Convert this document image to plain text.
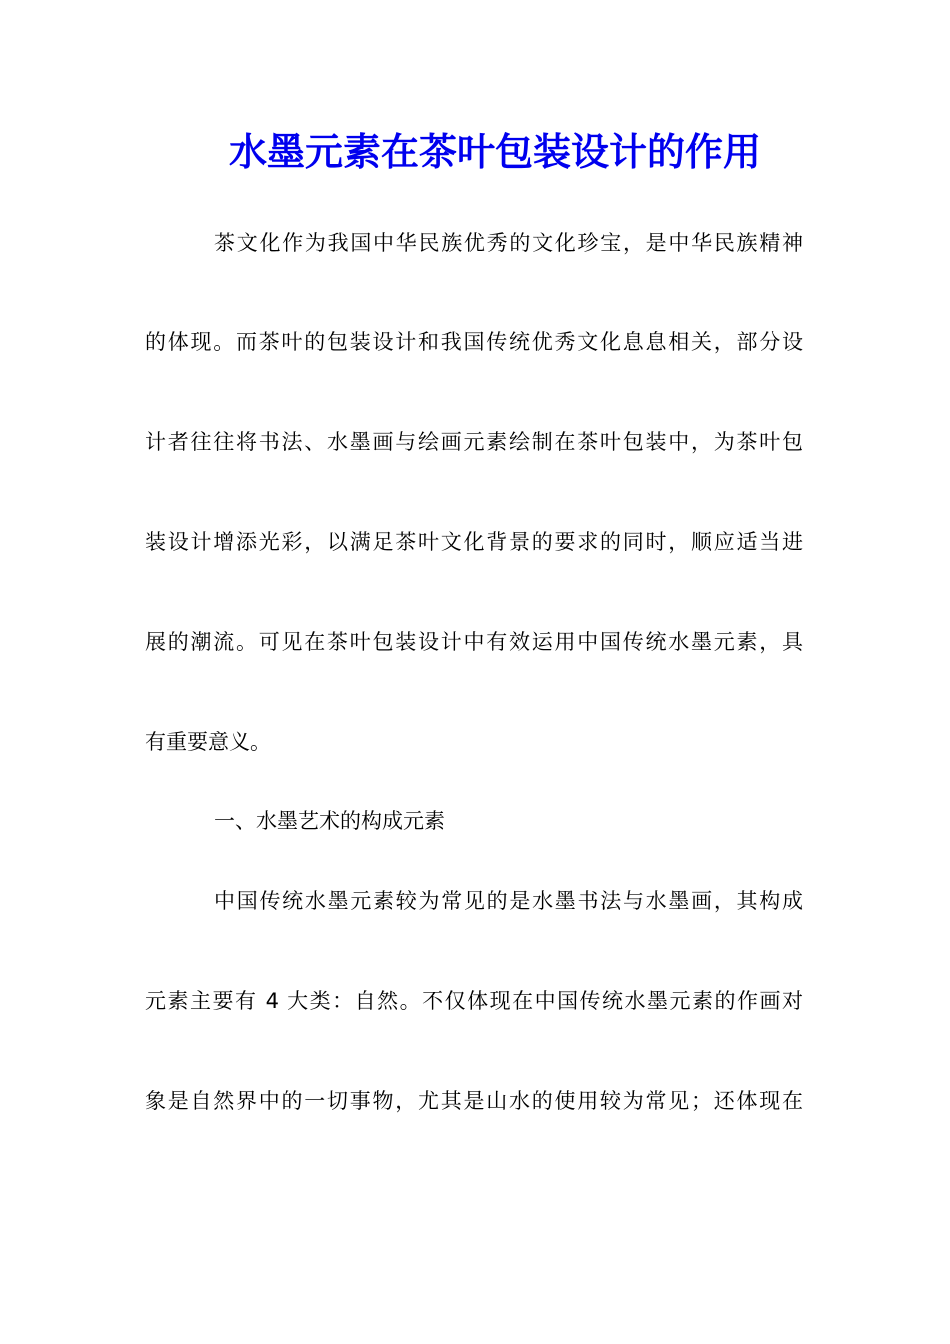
水墨元素在茶叶包装设计的作用

茶文化作为我国中华民族优秀的文化珍宝，是中华民族精神

的体现。而茶叶的包装设计和我国传统优秀文化息息相关，部分设

计者往往将书法、水墨画与绘画元素绘制在茶叶包装中，为茶叶包

装设计增添光彩，以满足茶叶文化背景的要求的同时，顺应适当进

展的潮流。可见在茶叶包装设计中有效运用中国传统水墨元素，具

有重要意义。

一、水墨艺术的构成元素

中国传统水墨元素较为常见的是水墨书法与水墨画，其构成

元素主要有 4 大类：自然。不仅体现在中国传统水墨元素的作画对

象是自然界中的一切事物，尤其是山水的使用较为常见；还体现在
